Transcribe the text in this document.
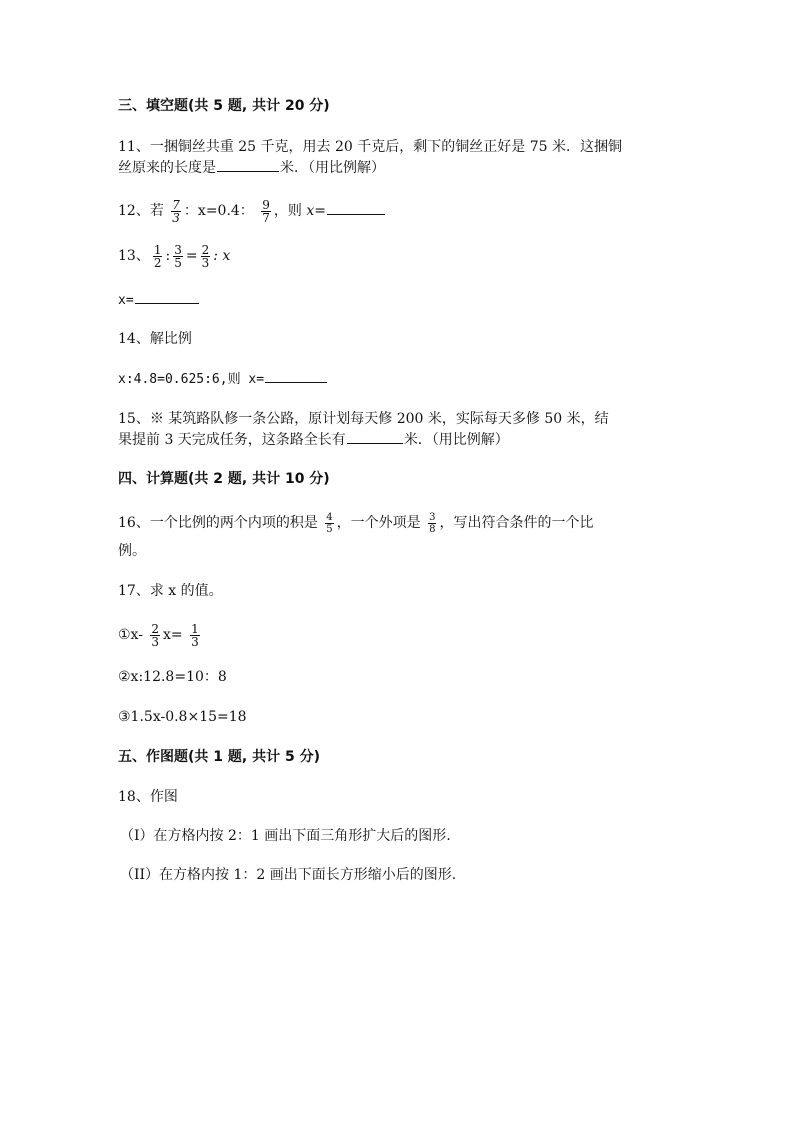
三、填空题(共 5 题, 共计 20 分)
11、一捆铜丝共重 25 千克，用去 20 千克后，剩下的铜丝正好是 75 米．这捆铜
丝原来的长度是	米．（用比例解）
12、若 $\frac{7}{3}$ ：x=0.4： $\frac{9}{7}$ ，则 x=
13、 $\frac{1}{2}$ : $\frac{3}{5} = \frac{2}{3}$ : x
x=
14、解比例
x:4.8=0.625:6,则 x=
15、※ 某筑路队修一条公路，原计划每天修 200 米，实际每天多修 50 米，结
果提前 3 天完成任务，这条路全长有	米．（用比例解）
四、计算题(共 2 题, 共计 10 分)
16、一个比例的两个内项的积是 $\frac{4}{5}$ ，一个外项是 $\frac{3}{8}$ ，写出符合条件的一个比
例。
17、求 x 的值。
①x- $\frac{2}{3} x= \frac{1}{3}$
②x:12.8=10：8
③1.5x-0.8×15=18
五、作图题(共 1 题, 共计 5 分)
18、作图
（I）在方格内按 2：1 画出下面三角形扩大后的图形.
（II）在方格内按 1：2 画出下面长方形缩小后的图形.
